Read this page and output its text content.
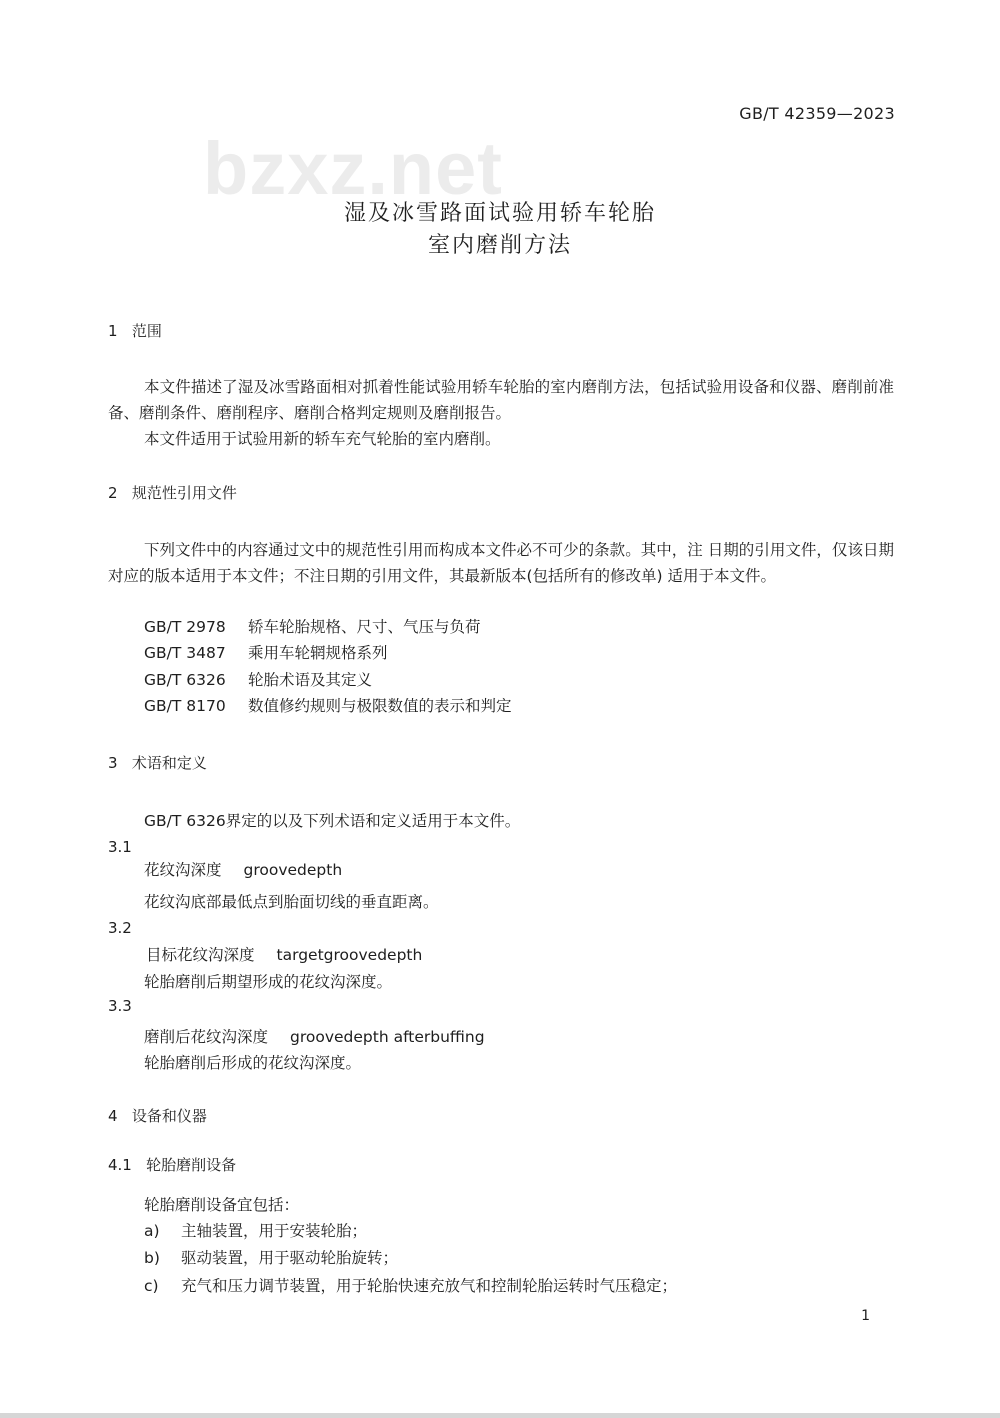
GB/T 42359—2023
bzxz.net
湿及冰雪路面试验用轿车轮胎
室内磨削方法
1 范围
本文件描述了湿及冰雪路面相对抓着性能试验用轿车轮胎的室内磨削方法，包括试验用设备和仪器、磨削前准备、磨削条件、磨削程序、磨削合格判定规则及磨削报告。
本文件适用于试验用新的轿车充气轮胎的室内磨削。
2 规范性引用文件
下列文件中的内容通过文中的规范性引用而构成本文件必不可少的条款。其中，注 日期的引用文件，仅该日期对应的版本适用于本文件；不注日期的引用文件，其最新版本(包括所有的修改单) 适用于本文件。
GB/T 2978 轿车轮胎规格、尺寸、气压与负荷
GB/T 3487 乘用车轮辋规格系列
GB/T 6326 轮胎术语及其定义
GB/T 8170 数值修约规则与极限数值的表示和判定
3 术语和定义
GB/T 6326界定的以及下列术语和定义适用于本文件。
3.1
花纹沟深度 groovedepth
花纹沟底部最低点到胎面切线的垂直距离。
3.2
目标花纹沟深度 targetgroovedepth
轮胎磨削后期望形成的花纹沟深度。
3.3
磨削后花纹沟深度 groovedepth afterbuffing
轮胎磨削后形成的花纹沟深度。
4 设备和仪器
4.1 轮胎磨削设备
轮胎磨削设备宜包括：
a) 主轴装置，用于安装轮胎；
b) 驱动装置，用于驱动轮胎旋转；
c) 充气和压力调节装置，用于轮胎快速充放气和控制轮胎运转时气压稳定；
1
